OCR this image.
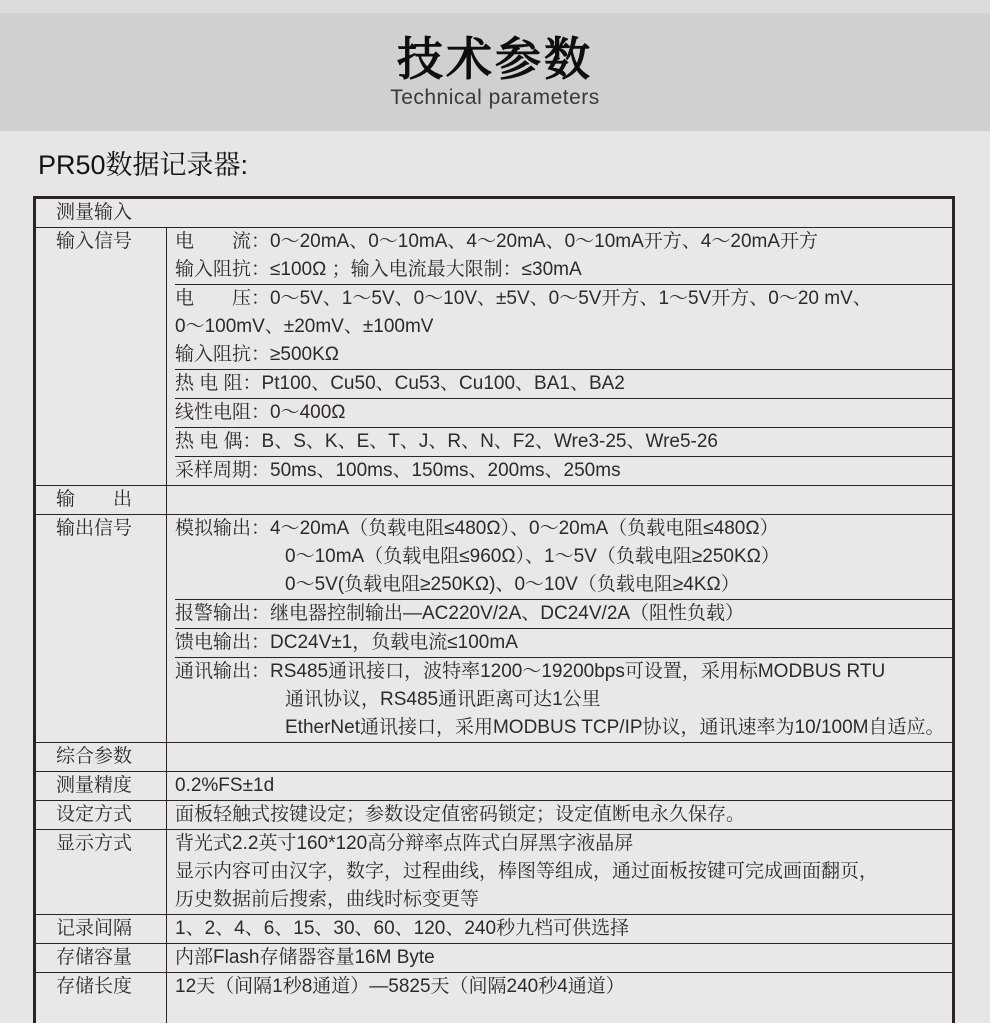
技术参数
Technical parameters
PR50数据记录器:
测量输入
输入信号	电　　流：0～20mA、0～10mA、4～20mA、0～10mA开方、4～20mA开方
输入阻抗：≤100Ω ；输入电流最大限制：≤30mA
电　　压：0～5V、1～5V、0～10V、±5V、0～5V开方、1～5V开方、0～20 mV、
0～100mV、±20mV、±100mV
输入阻抗：≥500KΩ
热 电 阻：Pt100、Cu50、Cu53、Cu100、BA1、BA2
线性电阻：0～400Ω
热 电 偶：B、S、K、E、T、J、R、N、F2、Wre3-25、Wre5-26
采样周期：50ms、100ms、150ms、200ms、250ms
输　　出
输出信号	模拟输出：4～20mA（负载电阻≤480Ω）、0～20mA（负载电阻≤480Ω）
0～10mA（负载电阻≤960Ω）、1～5V（负载电阻≥250KΩ）
0～5V(负载电阻≥250KΩ)、0～10V（负载电阻≥4KΩ）
报警输出：继电器控制输出—AC220V/2A、DC24V/2A（阻性负载）
馈电输出：DC24V±1，负载电流≤100mA
通讯输出：RS485通讯接口，波特率1200～19200bps可设置，采用标MODBUS RTU
通讯协议，RS485通讯距离可达1公里
EtherNet通讯接口，采用MODBUS TCP/IP协议，通讯速率为10/100M自适应。
综合参数
测量精度	0.2%FS±1d
设定方式	面板轻触式按键设定；参数设定值密码锁定；设定值断电永久保存。
显示方式	背光式2.2英寸160*120高分辩率点阵式白屏黑字液晶屏
显示内容可由汉字，数字，过程曲线，棒图等组成，通过面板按键可完成画面翻页，
历史数据前后搜索，曲线时标变更等
记录间隔	1、2、4、6、15、30、60、120、240秒九档可供选择
存储容量	内部Flash存储器容量16M Byte
存储长度	12天（间隔1秒8通道）—5825天（间隔240秒4通道）
